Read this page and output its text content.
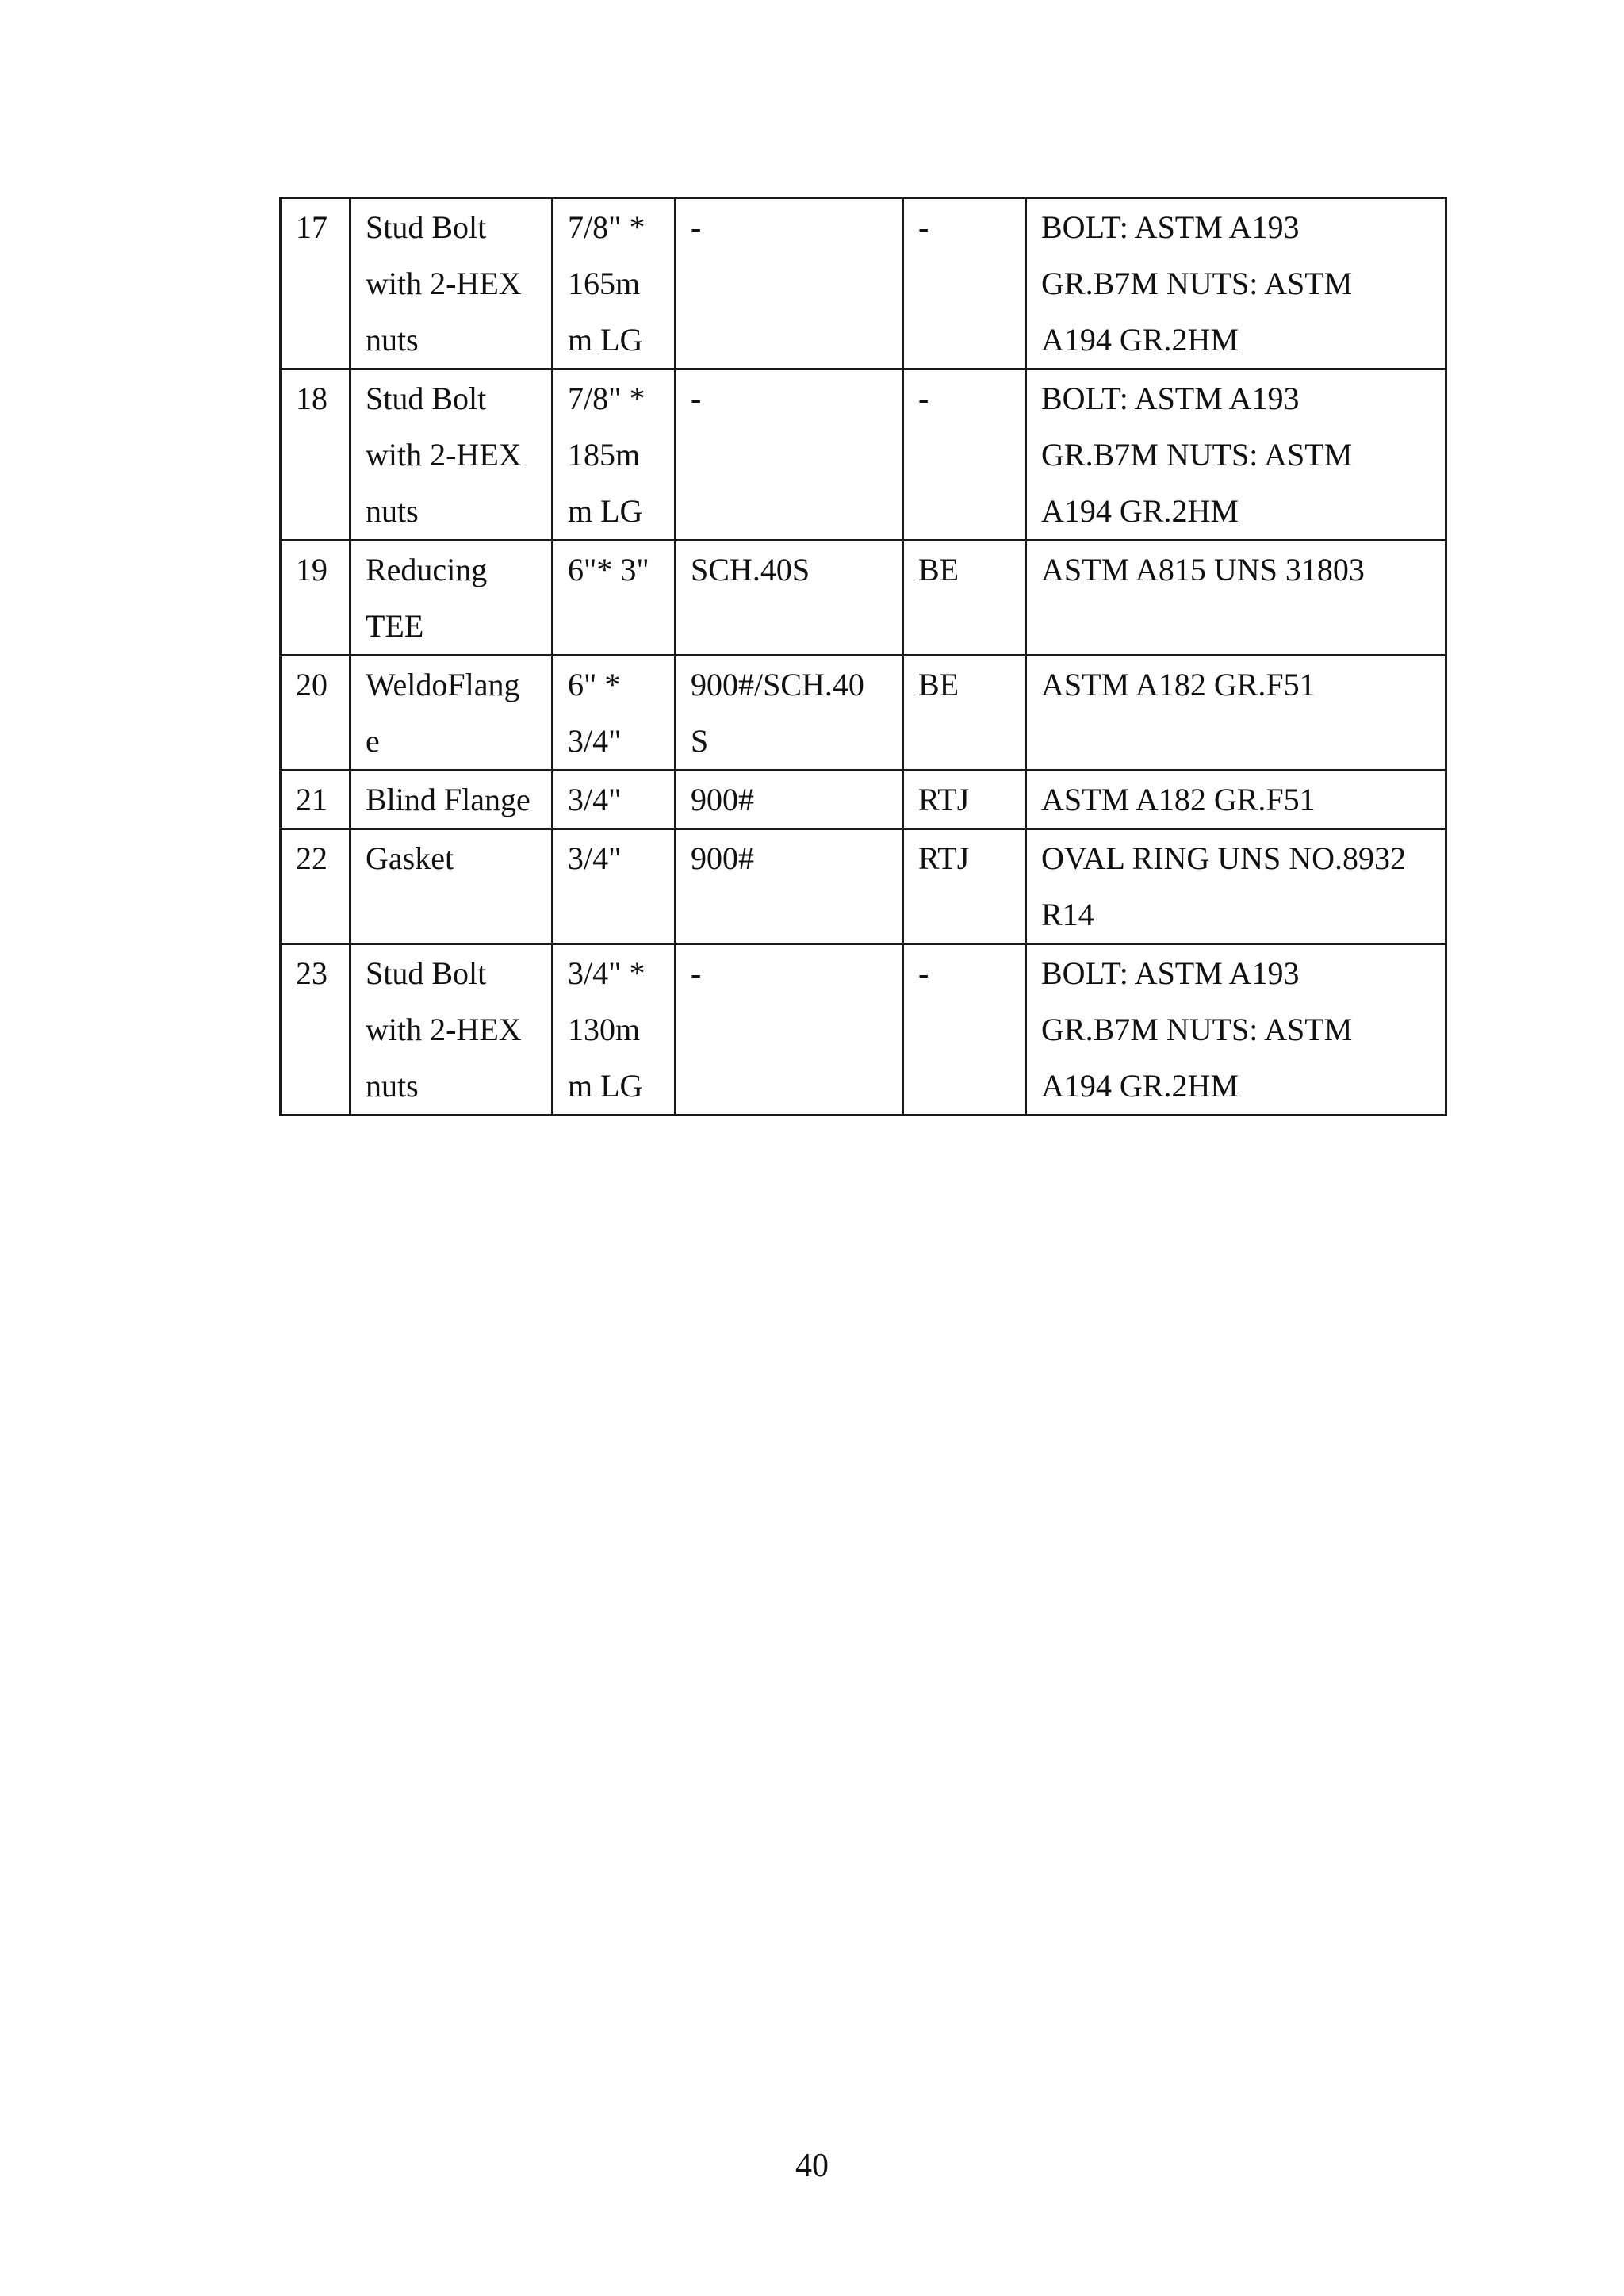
17	Stud Bolt
with 2-HEX
nuts	7/8" *
165m
m LG	-	-	BOLT: ASTM A193
GR.B7M NUTS: ASTM
A194 GR.2HM

18	Stud Bolt
with 2-HEX
nuts	7/8" *
185m
m LG	-	-	BOLT: ASTM A193
GR.B7M NUTS: ASTM
A194 GR.2HM

19	Reducing
TEE	6"* 3"	SCH.40S	BE	ASTM A815 UNS 31803

20	WeldoFlang
e	6" *
3/4"	900#/SCH.40
S	BE	ASTM A182 GR.F51

21	Blind Flange	3/4"	900#	RTJ	ASTM A182 GR.F51

22	Gasket	3/4"	900#	RTJ	OVAL RING UNS NO.8932
R14

23	Stud Bolt
with 2-HEX
nuts	3/4" *
130m
m LG	-	-	BOLT: ASTM A193
GR.B7M NUTS: ASTM
A194 GR.2HM
40
